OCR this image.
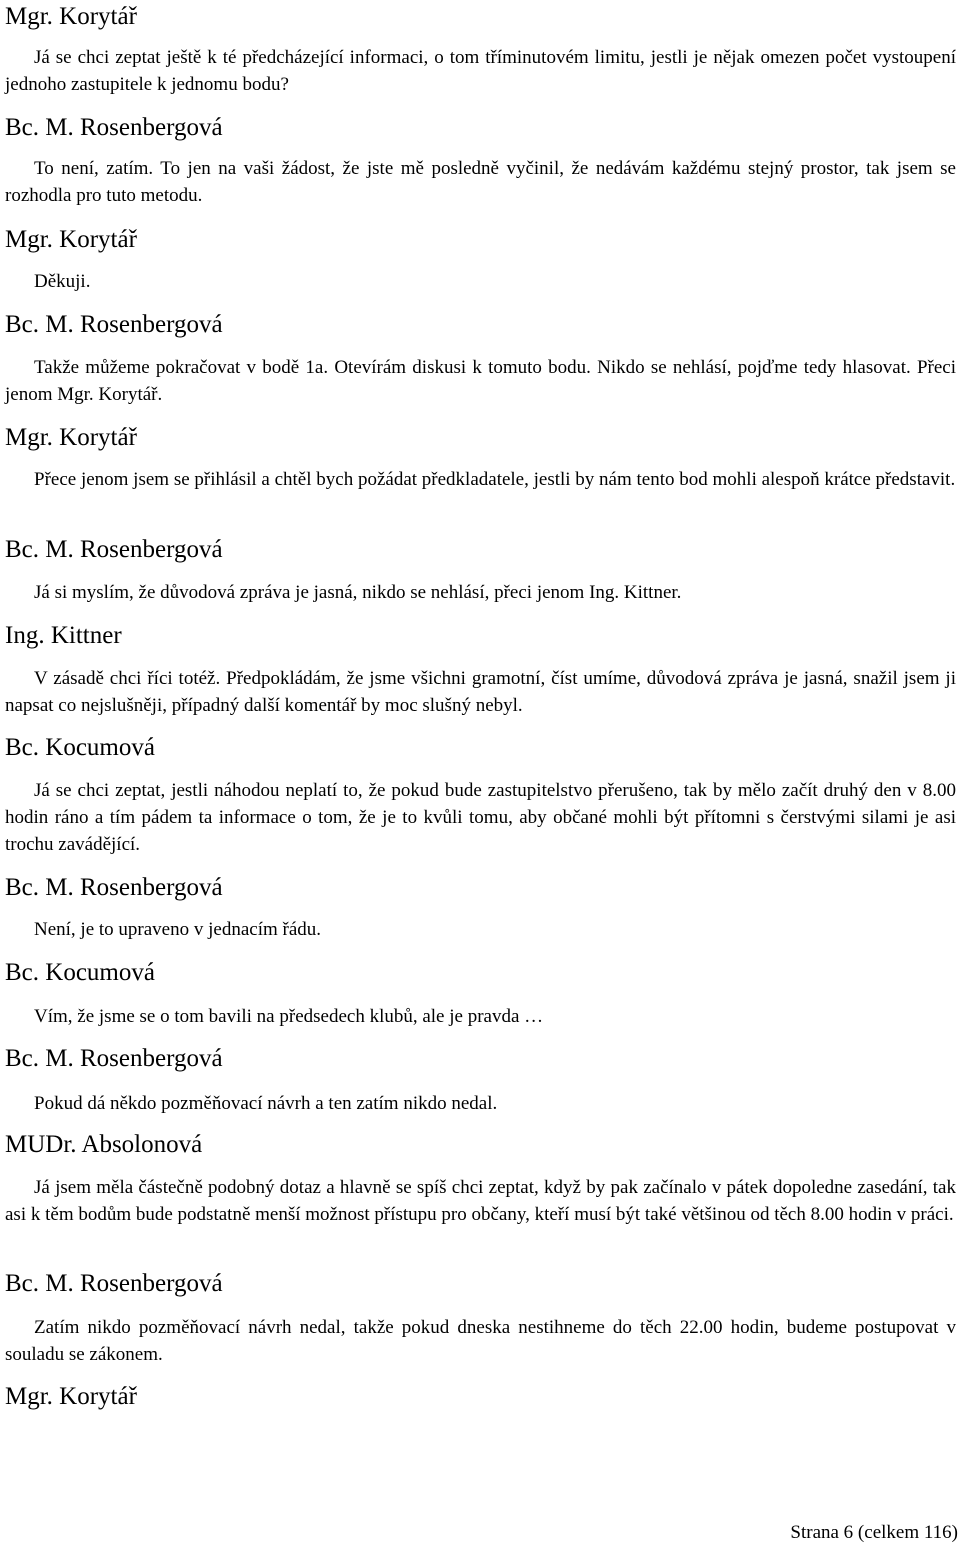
Mgr. Korytář
Já se chci zeptat ještě k té předcházející informaci, o tom tříminutovém limitu, jestli je nějak omezen počet vystoupení jednoho zastupitele k jednomu bodu?
Bc. M. Rosenbergová
To není, zatím. To jen na vaši žádost, že jste mě posledně vyčinil, že nedávám každému stejný prostor, tak jsem se rozhodla pro tuto metodu.
Mgr. Korytář
Děkuji.
Bc. M. Rosenbergová
Takže můžeme pokračovat v bodě 1a. Otevírám diskusi k tomuto bodu. Nikdo se nehlásí, pojďme tedy hlasovat. Přeci jenom Mgr. Korytář.
Mgr. Korytář
Přece jenom jsem se přihlásil a chtěl bych požádat předkladatele, jestli by nám tento bod mohli alespoň krátce představit.
Bc. M. Rosenbergová
Já si myslím, že důvodová zpráva je jasná, nikdo se nehlásí, přeci jenom Ing. Kittner.
Ing. Kittner
V zásadě chci říci totéž. Předpokládám, že jsme všichni gramotní, číst umíme, důvodová zpráva je jasná, snažil jsem ji napsat co nejslušněji, případný další komentář by moc slušný nebyl.
Bc. Kocumová
Já se chci zeptat, jestli náhodou neplatí to, že pokud bude zastupitelstvo přerušeno, tak by mělo začít druhý den v 8.00 hodin ráno a tím pádem ta informace o tom, že je to kvůli tomu, aby občané mohli být přítomni s čerstvými silami je asi trochu zavádějící.
Bc. M. Rosenbergová
Není, je to upraveno v jednacím řádu.
Bc. Kocumová
Vím, že jsme se o tom bavili na předsedech klubů, ale je pravda …
Bc. M. Rosenbergová
Pokud dá někdo pozměňovací návrh a ten zatím nikdo nedal.
MUDr. Absolonová
Já jsem měla částečně podobný dotaz a hlavně se spíš chci zeptat, když by pak začínalo v pátek dopoledne zasedání, tak asi k těm bodům bude podstatně menší možnost přístupu pro občany, kteří musí být také většinou od těch 8.00 hodin v práci.
Bc. M. Rosenbergová
Zatím nikdo pozměňovací návrh nedal, takže pokud dneska nestihneme do těch 22.00 hodin, budeme postupovat v souladu se zákonem.
Mgr. Korytář
Strana 6 (celkem 116)
